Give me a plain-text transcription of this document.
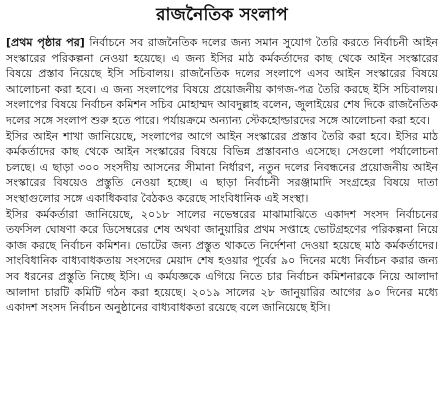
রাজনৈতিক সংলাপ

[প্রথম পৃষ্ঠার পর] নির্বাচনে সব রাজনৈতিক দলের জন্য সমান সুযোগ তৈরি করতে নির্বাচনী আইন সংস্কারের পরিকল্পনা নেওয়া হয়েছে। এ জন্য ইসির মাঠ কর্মকর্তাদের কাছ থেকে আইন সংস্কারের বিষয়ে প্রস্তাব নিয়েছে ইসি সচিবালয়। রাজনৈতিক দলের সংলাপে এসব আইন সংস্কারের বিষয়ে আলোচনা করা হবে। এ জন্য সংলাপের বিষয়ে প্রয়োজনীয় কাগজ-পত্র তৈরি করছে ইসি সচিবালয়। সংলাপের বিষয়ে নির্বাচন কমিশন সচিব মোহাম্মদ আবদুল্লাহ বলেন, জুলাইয়ের শেষ দিকে রাজনৈতিক দলের সঙ্গে সংলাপ শুরু হতে পারে। পর্যায়ক্রমে অন্যান্য স্টেকহোল্ডারদের সঙ্গে আলোচনা করা হবে।

ইসির আইন শাখা জানিয়েছে, সংলাপের আগে আইন সংস্কারের প্রস্তাব তৈরি করা হবে। ইসির মাঠ কর্মকর্তাদের কাছ থেকে আইন সংস্কারের বিষয়ে বিভিন্ন প্রস্তাবনাও এসেছে। সেগুলো পর্যালোচনা চলছে। এ ছাড়া ৩০০ সংসদীয় আসনের সীমানা নির্ধারণ, নতুন দলের নিবন্ধনের প্রয়োজনীয় আইন সংস্কারের বিষয়েও প্রস্তুতি নেওয়া হচ্ছে। এ ছাড়া নির্বাচনী সরঞ্জামাদি সংগ্রহের বিষয়ে দাতা সংস্থাগুলোর সঙ্গে একাধিকবার বৈঠকও করেছে সাংবিধানিক এই সংস্থা।

ইসির কর্মকর্তারা জানিয়েছে, ২০১৮ সালের নভেম্বরের মাঝামাঝিতে একাদশ সংসদ নির্বাচনের তফসিল ঘোষণা করে ডিসেম্বরের শেষ অথবা জানুয়ারির প্রথম সপ্তাহে ভোটগ্রহণের পরিকল্পনা নিয়ে কাজ করছে নির্বাচন কমিশন। ভোটের জন্য প্রস্তুত থাকতে নির্দেশনা দেওয়া হয়েছে মাঠ কর্মকর্তাদের। সাংবিধানিক বাধ্যবাধকতায় সংসদের মেয়াদ শেষ হওয়ার পূর্বের ৯০ দিনের মধ্যে নির্বাচন করার জন্য সব ধরনের প্রস্তুতি নিচ্ছে ইসি। এ কর্মযজ্ঞকে এগিয়ে নিতে চার নির্বাচন কমিশনারকে নিয়ে আলাদা আলাদা চারটি কমিটি গঠন করা হয়েছে। ২০১৯ সালের ২৮ জানুয়ারির আগের ৯০ দিনের মধ্যে একাদশ সংসদ নির্বাচন অনুষ্ঠানের বাধ্যবাধকতা রয়েছে বলে জানিয়েছে ইসি।
